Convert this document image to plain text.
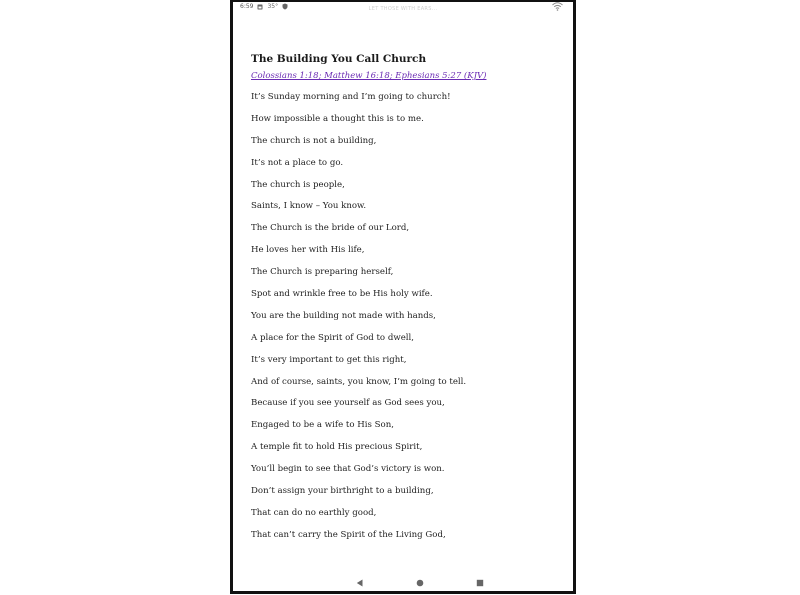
6:59 35°	LET THOSE WITH EARS...
The Building You Call Church
Colossians 1:18; Matthew 16:18; Ephesians 5:27 (KJV)
It’s Sunday morning and I’m going to church!
How impossible a thought this is to me.
The church is not a building,
It’s not a place to go.
The church is people,
Saints, I know – You know.
The Church is the bride of our Lord,
He loves her with His life,
The Church is preparing herself,
Spot and wrinkle free to be His holy wife.
You are the building not made with hands,
A place for the Spirit of God to dwell,
It’s very important to get this right,
And of course, saints, you know, I’m going to tell.
Because if you see yourself as God sees you,
Engaged to be a wife to His Son,
A temple fit to hold His precious Spirit,
You’ll begin to see that God’s victory is won.
Don’t assign your birthright to a building,
That can do no earthly good,
That can’t carry the Spirit of the Living God,
